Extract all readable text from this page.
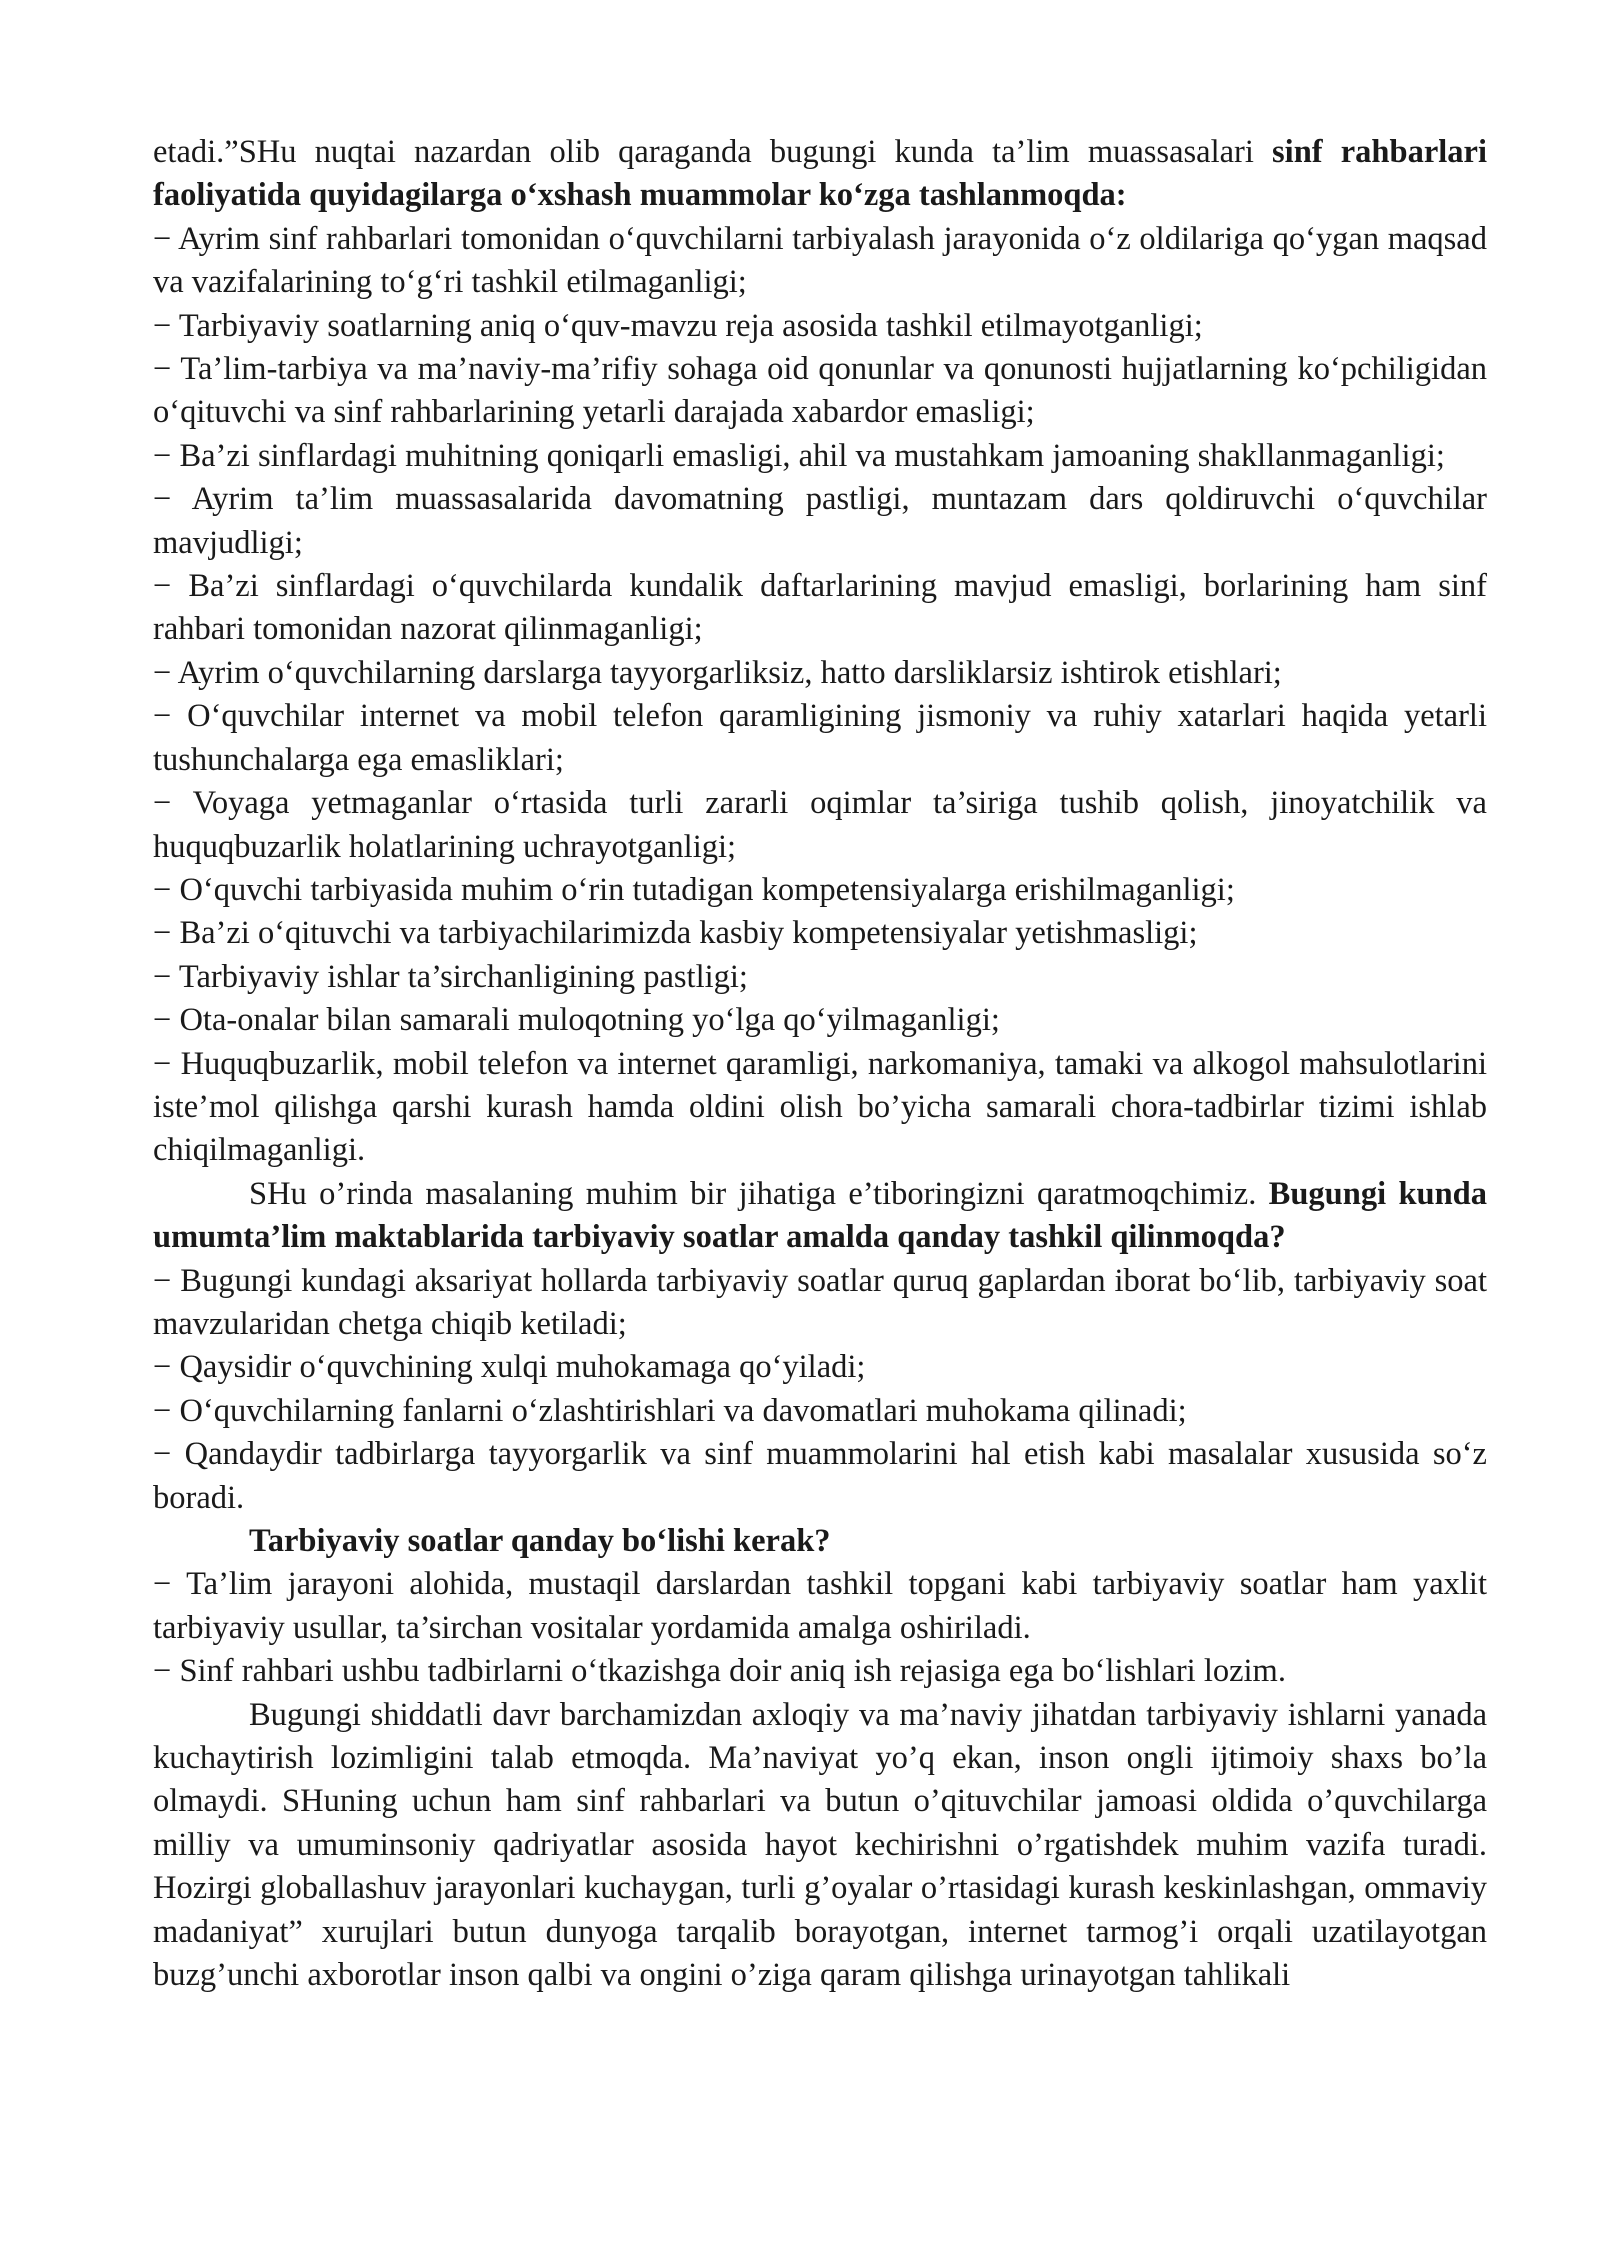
etadi.”SHu nuqtai nazardan olib qaraganda bugungi kunda ta’lim muassasalari sinf rahbarlari faoliyatida quyidagilarga o‘xshash muammolar ko‘zga tashlanmoqda:

− Ayrim sinf rahbarlari tomonidan o‘quvchilarni tarbiyalash jarayonida o‘z oldilariga qo‘ygan maqsad va vazifalarining to‘g‘ri tashkil etilmaganligi;

− Tarbiyaviy soatlarning aniq o‘quv-mavzu reja asosida tashkil etilmayotganligi;

− Ta’lim-tarbiya va ma’naviy-ma’rifiy sohaga oid qonunlar va qonunosti hujjatlarning ko‘pchiligidan o‘qituvchi va sinf rahbarlarining yetarli darajada xabardor emasligi;

− Ba’zi sinflardagi muhitning qoniqarli emasligi, ahil va mustahkam jamoaning shakllanmaganligi;

− Ayrim ta’lim muassasalarida davomatning pastligi, muntazam dars qoldiruvchi o‘quvchilar mavjudligi;

− Ba’zi sinflardagi o‘quvchilarda kundalik daftarlarining mavjud emasligi, borlarining ham sinf rahbari tomonidan nazorat qilinmaganligi;

− Ayrim o‘quvchilarning darslarga tayyorgarliksiz, hatto darsliklarsiz ishtirok etishlari;

− O‘quvchilar internet va mobil telefon qaramligining jismoniy va ruhiy xatarlari haqida yetarli tushunchalarga ega emasliklari;

− Voyaga yetmaganlar o‘rtasida turli zararli oqimlar ta’siriga tushib qolish, jinoyatchilik va huquqbuzarlik holatlarining uchrayotganligi;

− O‘quvchi tarbiyasida muhim o‘rin tutadigan kompetensiyalarga erishilmaganligi;

− Ba’zi o‘qituvchi va tarbiyachilarimizda kasbiy kompetensiyalar yetishmasligi;

− Tarbiyaviy ishlar ta’sirchanligining pastligi;

− Ota-onalar bilan samarali muloqotning yo‘lga qo‘yilmaganligi;

− Huquqbuzarlik, mobil telefon va internet qaramligi, narkomaniya, tamaki va alkogol mahsulotlarini iste’mol qilishga qarshi kurash hamda oldini olish bo’yicha samarali chora-tadbirlar tizimi ishlab chiqilmaganligi.

SHu o’rinda masalaning muhim bir jihatiga e’tiboringizni qaratmoqchimiz. Bugungi kunda umumta’lim maktablarida tarbiyaviy soatlar amalda qanday tashkil qilinmoqda?

− Bugungi kundagi aksariyat hollarda tarbiyaviy soatlar quruq gaplardan iborat bo‘lib, tarbiyaviy soat mavzularidan chetga chiqib ketiladi;

− Qaysidir o‘quvchining xulqi muhokamaga qo‘yiladi;

− O‘quvchilarning fanlarni o‘zlashtirishlari va davomatlari muhokama qilinadi;

− Qandaydir tadbirlarga tayyorgarlik va sinf muammolarini hal etish kabi masalalar xususida so‘z boradi.

Tarbiyaviy soatlar qanday bo‘lishi kerak?

− Ta’lim jarayoni alohida, mustaqil darslardan tashkil topgani kabi tarbiyaviy soatlar ham yaxlit tarbiyaviy usullar, ta’sirchan vositalar yordamida amalga oshiriladi.

− Sinf rahbari ushbu tadbirlarni o‘tkazishga doir aniq ish rejasiga ega bo‘lishlari lozim.

Bugungi shiddatli davr barchamizdan axloqiy va ma’naviy jihatdan tarbiyaviy ishlarni yanada kuchaytirish lozimligini talab etmoqda. Ma’naviyat yo’q ekan, inson ongli ijtimoiy shaxs bo’la olmaydi. SHuning uchun ham sinf rahbarlari va butun o’qituvchilar jamoasi oldida o’quvchilarga milliy va umuminsoniy qadriyatlar asosida hayot kechirishni o’rgatishdek muhim vazifa turadi. Hozirgi globallashuv jarayonlari kuchaygan, turli g’oyalar o’rtasidagi kurash keskinlashgan, ommaviy madaniyat” xurujlari butun dunyoga tarqalib borayotgan, internet tarmog’i orqali uzatilayotgan buzg’unchi axborotlar inson qalbi va ongini o’ziga qaram qilishga urinayotgan tahlikali
